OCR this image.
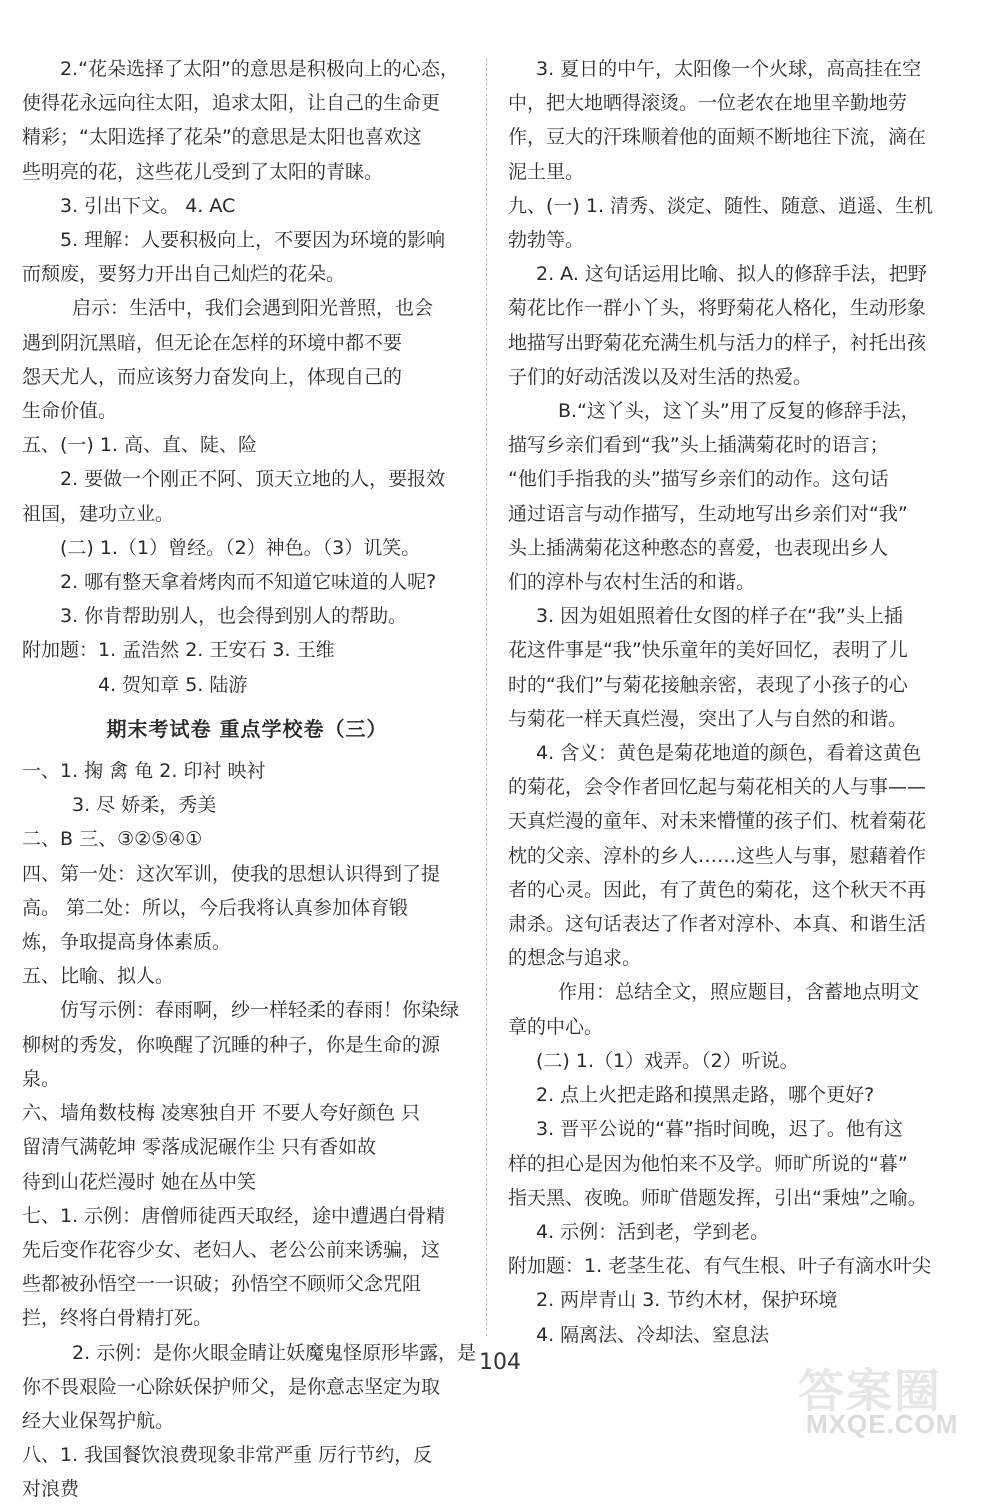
2.“花朵选择了太阳”的意思是积极向上的心态，
使得花永远向往太阳，追求太阳，让自己的生命更
精彩；“太阳选择了花朵”的意思是太阳也喜欢这
些明亮的花，这些花儿受到了太阳的青睐。
3. 引出下文。 4. AC
5. 理解：人要积极向上，不要因为环境的影响
而颓废，要努力开出自己灿烂的花朵。
启示：生活中，我们会遇到阳光普照，也会
遇到阴沉黑暗，但无论在怎样的环境中都不要
怨天尤人，而应该努力奋发向上，体现自己的
生命价值。
五、(一) 1. 高、直、陡、险
2. 要做一个刚正不阿、顶天立地的人，要报效
祖国，建功立业。
(二) 1.（1）曾经。（2）神色。（3）讥笑。
2. 哪有整天拿着烤肉而不知道它味道的人呢?
3. 你肯帮助别人，也会得到别人的帮助。
附加题：1. 孟浩然 2. 王安石 3. 王维
4. 贺知章 5. 陆游
期末考试卷 重点学校卷（三）
一、1. 掬 禽 龟 2. 印衬 映衬
3. 尽 娇柔，秀美
二、B 三、③②⑤④①
四、第一处：这次军训，使我的思想认识得到了提
高。 第二处：所以，今后我将认真参加体育锻
炼，争取提高身体素质。
五、比喻、拟人。
仿写示例：春雨啊，纱一样轻柔的春雨！你染绿
柳树的秀发，你唤醒了沉睡的种子，你是生命的源
泉。
六、墙角数枝梅 凌寒独自开 不要人夸好颜色 只
留清气满乾坤 零落成泥碾作尘 只有香如故
待到山花烂漫时 她在丛中笑
七、1. 示例：唐僧师徒西天取经，途中遭遇白骨精
先后变作花容少女、老妇人、老公公前来诱骗，这
些都被孙悟空一一识破；孙悟空不顾师父念咒阻
拦，终将白骨精打死。
2. 示例：是你火眼金睛让妖魔鬼怪原形毕露，是
你不畏艰险一心除妖保护师父，是你意志坚定为取
经大业保驾护航。
八、1. 我国餐饮浪费现象非常严重 厉行节约，反
对浪费
3. 夏日的中午，太阳像一个火球，高高挂在空
中，把大地晒得滚烫。一位老农在地里辛勤地劳
作，豆大的汗珠顺着他的面颊不断地往下流，滴在
泥土里。
九、(一) 1. 清秀、淡定、随性、随意、逍遥、生机
勃勃等。
2. A. 这句话运用比喻、拟人的修辞手法，把野
菊花比作一群小丫头，将野菊花人格化，生动形象
地描写出野菊花充满生机与活力的样子，衬托出孩
子们的好动活泼以及对生活的热爱。
B.“这丫头，这丫头”用了反复的修辞手法，
描写乡亲们看到“我”头上插满菊花时的语言；
“他们手指我的头”描写乡亲们的动作。这句话
通过语言与动作描写，生动地写出乡亲们对“我”
头上插满菊花这种憨态的喜爱，也表现出乡人
们的淳朴与农村生活的和谐。
3. 因为姐姐照着仕女图的样子在“我”头上插
花这件事是“我”快乐童年的美好回忆，表明了儿
时的“我们”与菊花接触亲密，表现了小孩子的心
与菊花一样天真烂漫，突出了人与自然的和谐。
4. 含义：黄色是菊花地道的颜色，看着这黄色
的菊花，会令作者回忆起与菊花相关的人与事——
天真烂漫的童年、对未来懵懂的孩子们、枕着菊花
枕的父亲、淳朴的乡人……这些人与事，慰藉着作
者的心灵。因此，有了黄色的菊花，这个秋天不再
肃杀。这句话表达了作者对淳朴、本真、和谐生活
的想念与追求。
作用：总结全文，照应题目，含蓄地点明文
章的中心。
(二) 1.（1）戏弄。（2）听说。
2. 点上火把走路和摸黑走路，哪个更好?
3. 晋平公说的“暮”指时间晚，迟了。他有这
样的担心是因为他怕来不及学。师旷所说的“暮”
指天黑、夜晚。师旷借题发挥，引出“秉烛”之喻。
4. 示例：活到老，学到老。
附加题：1. 老茎生花、有气生根、叶子有滴水叶尖
2. 两岸青山 3. 节约木材，保护环境
4. 隔离法、冷却法、窒息法
104
答案圈
MXQE.COM
